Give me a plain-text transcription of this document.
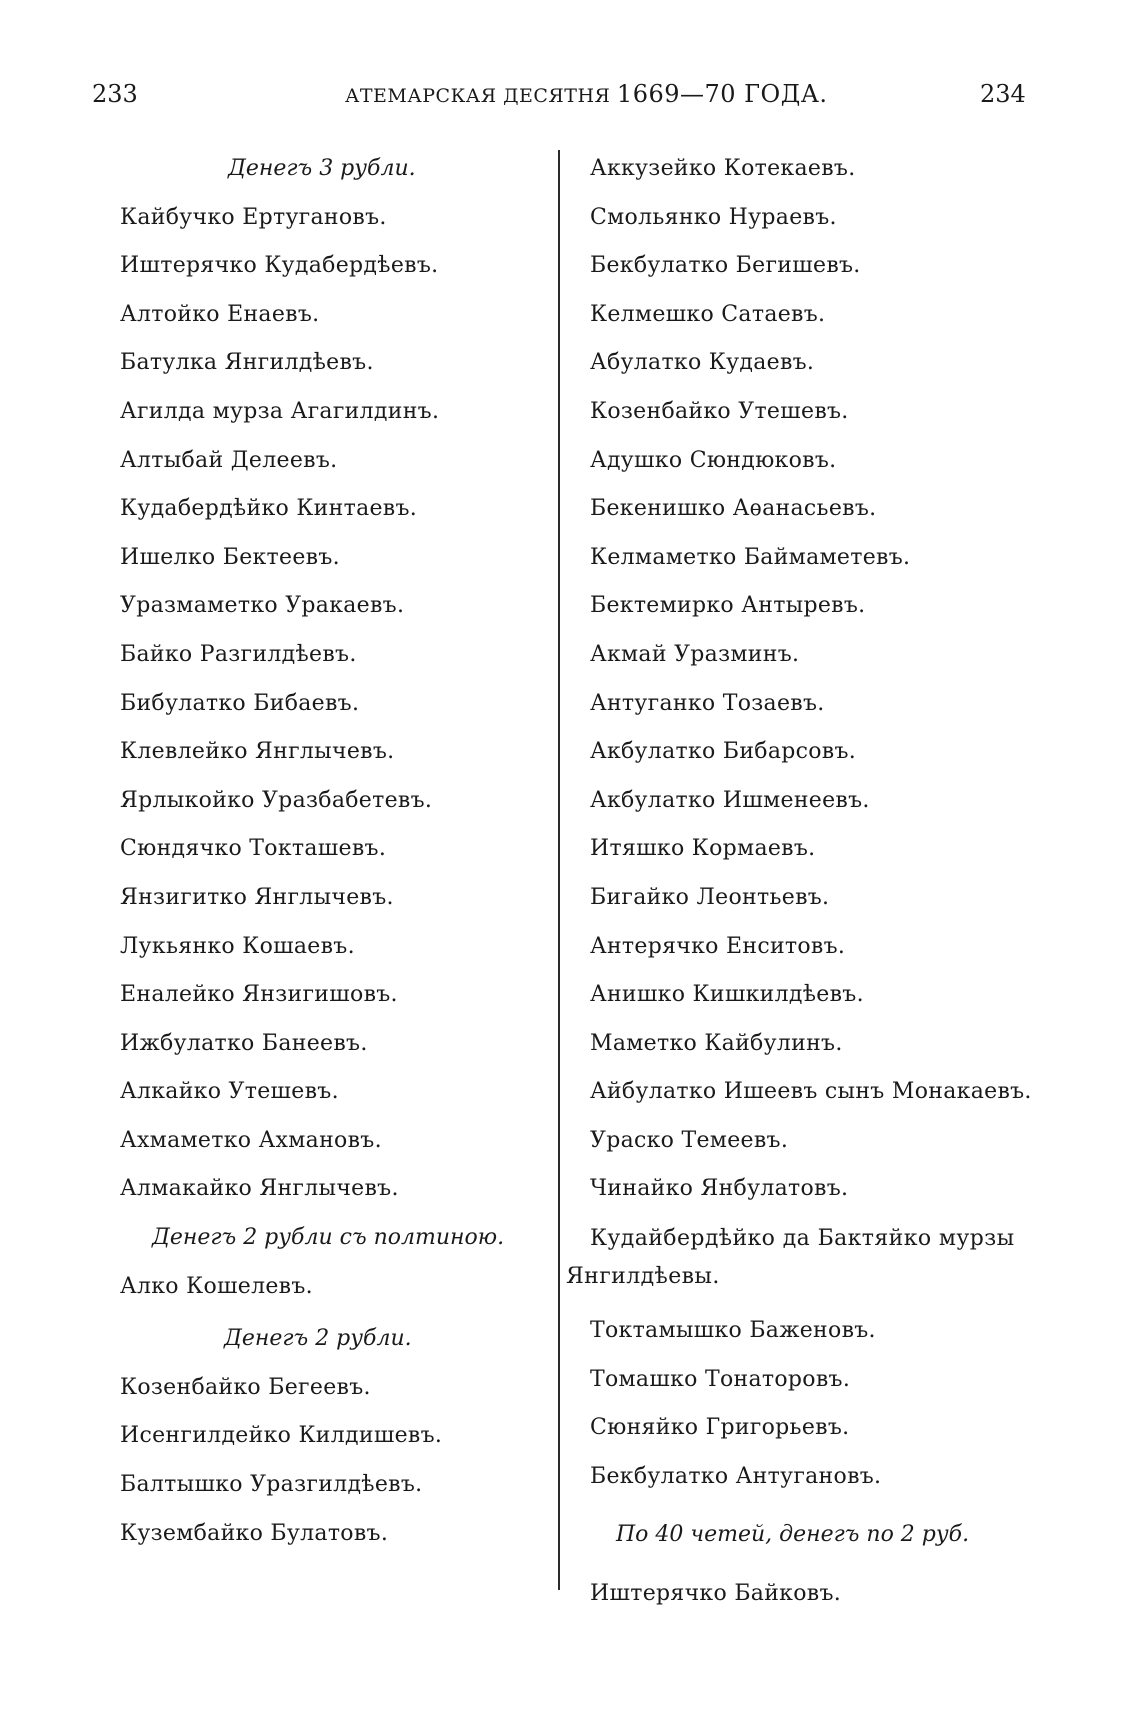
233	АТЕМАРСКАЯ ДЕСЯТНЯ 1669—70 ГОДА.	234
Денегъ 3 рубли.
Кайбучко Ертугановъ.
Иштерячко Кудабердѣевъ.
Алтойко Енаевъ.
Батулка Янгилдѣевъ.
Агилда мурза Агагилдинъ.
Алтыбай Делеевъ.
Кудабердѣйко Кинтаевъ.
Ишелко Бектеевъ.
Уразмаметко Уракаевъ.
Байко Разгилдѣевъ.
Бибулатко Бибаевъ.
Клевлейко Янглычевъ.
Ярлыкойко Уразбабетевъ.
Сюндячко Токташевъ.
Янзигитко Янглычевъ.
Лукьянко Кошаевъ.
Еналейко Янзигишовъ.
Ижбулатко Банеевъ.
Алкайко Утешевъ.
Ахмаметко Ахмановъ.
Алмакайко Янглычевъ.
Денегъ 2 рубли съ полтиною.
Алко Кошелевъ.
Денегъ 2 рубли.
Козенбайко Бегеевъ.
Исенгилдейко Килдишевъ.
Балтышко Уразгилдѣевъ.
Кузембайко Булатовъ.
Аккузейко Котекаевъ.
Смольянко Нураевъ.
Бекбулатко Бегишевъ.
Келмешко Сатаевъ.
Абулатко Кудаевъ.
Козенбайко Утешевъ.
Адушко Сюндюковъ.
Бекенишко Аѳанасьевъ.
Келмаметко Баймаметевъ.
Бектемирко Антыревъ.
Акмай Уразминъ.
Антуганко Тозаевъ.
Акбулатко Бибарсовъ.
Акбулатко Ишменеевъ.
Итяшко Кормаевъ.
Бигайко Леонтьевъ.
Антерячко Енситовъ.
Анишко Кишкилдѣевъ.
Маметко Кайбулинъ.
Айбулатко Ишеевъ сынъ Монакаевъ.
Ураско Темеевъ.
Чинайко Янбулатовъ.
Кудайбердѣйко да Бактяйко мурзы
Янгилдѣевы.
Токтамышко Баженовъ.
Томашко Тонаторовъ.
Сюняйко Григорьевъ.
Бекбулатко Антугановъ.
По 40 четей, денегъ по 2 руб.
Иштерячко Байковъ.
